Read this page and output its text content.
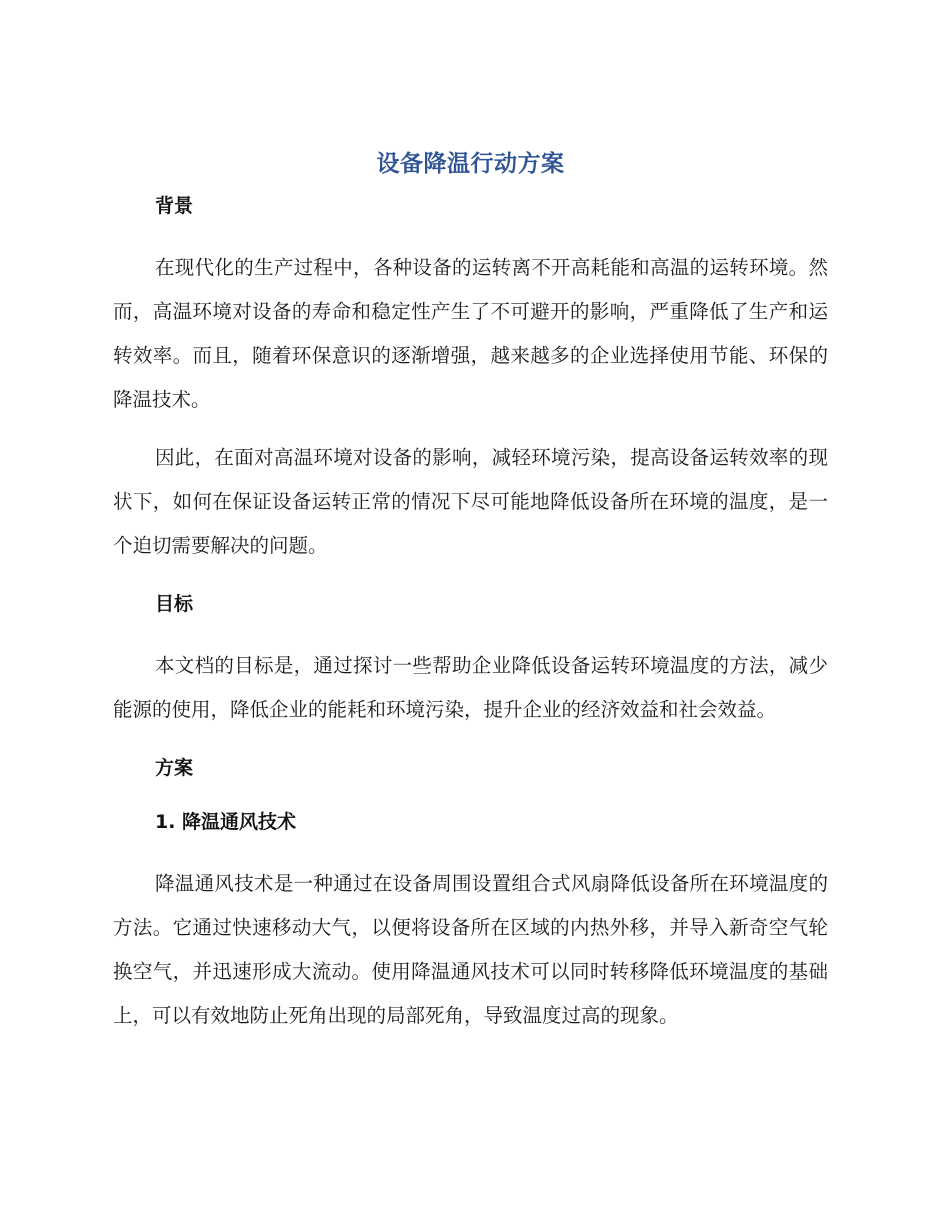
设备降温行动方案
背景

在现代化的生产过程中，各种设备的运转离不开高耗能和高温的运转环境。然而，高温环境对设备的寿命和稳定性产生了不可避开的影响，严重降低了生产和运转效率。而且，随着环保意识的逐渐增强，越来越多的企业选择使用节能、环保的降温技术。

因此，在面对高温环境对设备的影响，减轻环境污染，提高设备运转效率的现状下，如何在保证设备运转正常的情况下尽可能地降低设备所在环境的温度，是一个迫切需要解决的问题。

目标

本文档的目标是，通过探讨一些帮助企业降低设备运转环境温度的方法，减少能源的使用，降低企业的能耗和环境污染，提升企业的经济效益和社会效益。

方案
1. 降温通风技术

降温通风技术是一种通过在设备周围设置组合式风扇降低设备所在环境温度的方法。它通过快速移动大气，以便将设备所在区域的内热外移，并导入新奇空气轮换空气，并迅速形成大流动。使用降温通风技术可以同时转移降低环境温度的基础上，可以有效地防止死角出现的局部死角，导致温度过高的现象。
